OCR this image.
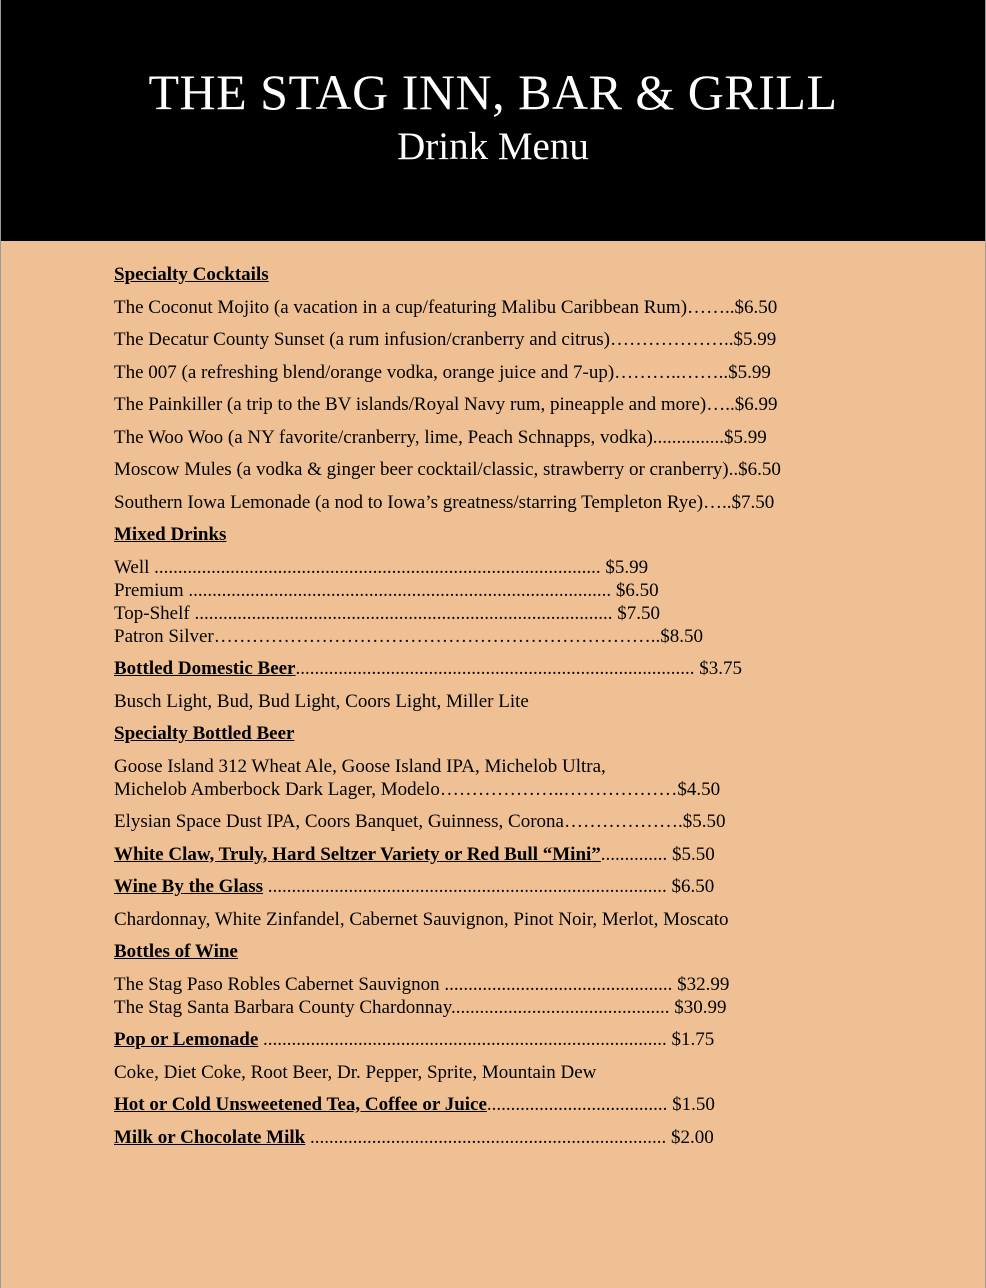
THE STAG INN, BAR & GRILL
Drink Menu
Specialty Cocktails
The Coconut Mojito (a vacation in a cup/featuring Malibu Caribbean Rum)……..$6.50
The Decatur County Sunset (a rum infusion/cranberry and citrus)………………..$5.99
The 007 (a refreshing blend/orange vodka, orange juice and 7-up)………..……..$5.99
The Painkiller (a trip to the BV islands/Royal Navy rum, pineapple and more)…..$6.99
The Woo Woo (a NY favorite/cranberry, lime, Peach Schnapps, vodka)...............$5.99
Moscow Mules (a vodka & ginger beer cocktail/classic, strawberry or cranberry)..$6.50
Southern Iowa Lemonade (a nod to Iowa’s greatness/starring Templeton Rye)…..$7.50
Mixed Drinks
Well .............................................................................................. $5.99
Premium ......................................................................................... $6.50
Top-Shelf ........................................................................................ $7.50
Patron Silver……………………………………………………………..$8.50
Bottled Domestic Beer.................................................................................... $3.75
Busch Light, Bud, Bud Light, Coors Light, Miller Lite
Specialty Bottled Beer
Goose Island 312 Wheat Ale, Goose Island IPA, Michelob Ultra,
Michelob Amberbock Dark Lager, Modelo………………..………………$4.50
Elysian Space Dust IPA, Coors Banquet, Guinness, Corona……………….$5.50
White Claw, Truly, Hard Seltzer Variety or Red Bull “Mini”.............. $5.50
Wine By the Glass .................................................................................... $6.50
Chardonnay, White Zinfandel, Cabernet Sauvignon, Pinot Noir, Merlot, Moscato
Bottles of Wine
The Stag Paso Robles Cabernet Sauvignon ................................................ $32.99
The Stag Santa Barbara County Chardonnay.............................................. $30.99
Pop or Lemonade ..................................................................................... $1.75
Coke, Diet Coke, Root Beer, Dr. Pepper, Sprite, Mountain Dew
Hot or Cold Unsweetened Tea, Coffee or Juice...................................... $1.50
Milk or Chocolate Milk ........................................................................... $2.00
